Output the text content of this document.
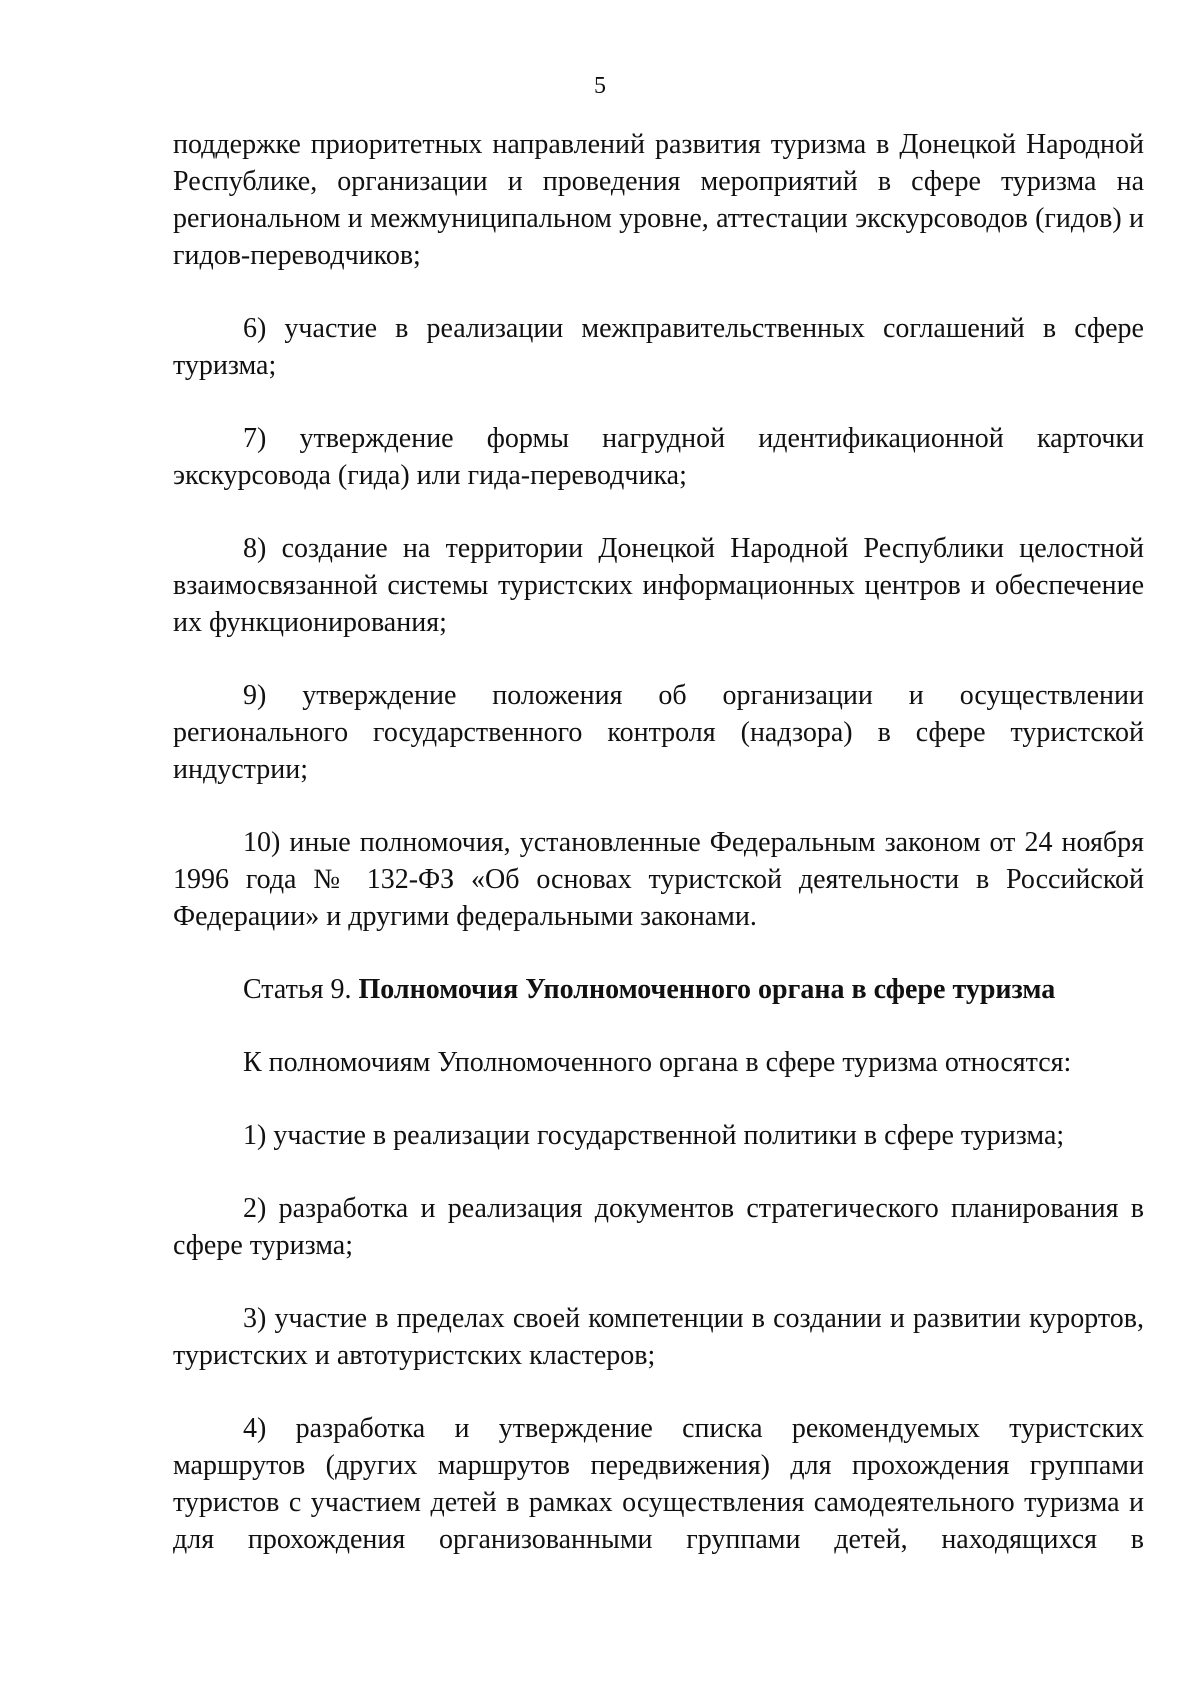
5

поддержке приоритетных направлений развития туризма в Донецкой Народной Республике, организации и проведения мероприятий в сфере туризма на региональном и межмуниципальном уровне, аттестации экскурсоводов (гидов) и гидов-переводчиков;

6) участие в реализации межправительственных соглашений в сфере туризма;

7) утверждение формы нагрудной идентификационной карточки экскурсовода (гида) или гида-переводчика;

8) создание на территории Донецкой Народной Республики целостной взаимосвязанной системы туристских информационных центров и обеспечение их функционирования;

9) утверждение положения об организации и осуществлении регионального государственного контроля (надзора) в сфере туристской индустрии;

10) иные полномочия, установленные Федеральным законом от 24 ноября 1996 года № 132-ФЗ «Об основах туристской деятельности в Российской Федерации» и другими федеральными законами.

Статья 9. Полномочия Уполномоченного органа в сфере туризма

К полномочиям Уполномоченного органа в сфере туризма относятся:

1) участие в реализации государственной политики в сфере туризма;

2) разработка и реализация документов стратегического планирования в сфере туризма;

3) участие в пределах своей компетенции в создании и развитии курортов, туристских и автотуристских кластеров;

4) разработка и утверждение списка рекомендуемых туристских маршрутов (других маршрутов передвижения) для прохождения группами туристов с участием детей в рамках осуществления самодеятельного туризма и для прохождения организованными группами детей, находящихся в
